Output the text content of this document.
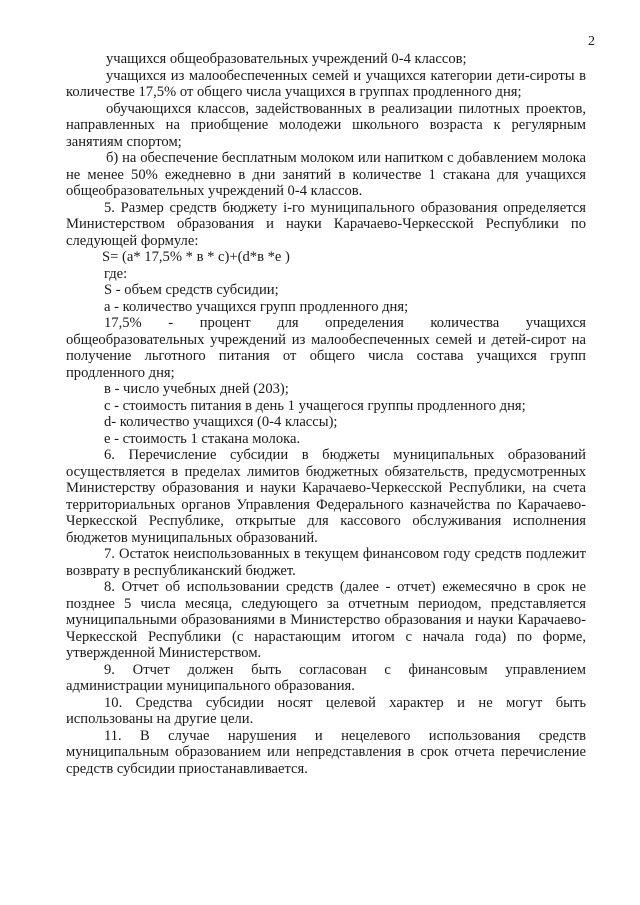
2

учащихся общеобразовательных учреждений 0-4 классов;

учащихся из малообеспеченных семей и учащихся категории дети-сироты в количестве 17,5% от общего числа учащихся в группах продленного дня;

обучающихся классов, задействованных в реализации пилотных проектов, направленных на приобщение молодежи школьного возраста к регулярным занятиям спортом;

б) на обеспечение бесплатным молоком или напитком с добавлением молока не менее 50% ежедневно в дни занятий в количестве 1 стакана для учащихся общеобразовательных учреждений 0-4 классов.

5. Размер средств бюджету i-го муниципального образования определяется Министерством образования и науки Карачаево-Черкесской Республики по следующей формуле:

S= (а* 17,5% * в * с)+(d*в *е )

где:

S - объем средств субсидии;

а - количество учащихся групп продленного дня;

17,5% - процент для определения количества учащихся общеобразовательных учреждений из малообеспеченных семей и детей-сирот на получение льготного питания от общего числа состава учащихся групп продленного дня;

в - число учебных дней (203);

с - стоимость питания в день 1 учащегося группы продленного дня;

d- количество учащихся (0-4 классы);

е - стоимость 1 стакана молока.

6. Перечисление субсидии в бюджеты муниципальных образований осуществляется в пределах лимитов бюджетных обязательств, предусмотренных Министерству образования и науки Карачаево-Черкесской Республики, на счета территориальных органов Управления Федерального казначейства по Карачаево-Черкесской Республике, открытые для кассового обслуживания исполнения бюджетов муниципальных образований.

7. Остаток неиспользованных в текущем финансовом году средств подлежит возврату в республиканский бюджет.

8. Отчет об использовании средств (далее - отчет) ежемесячно в срок не позднее 5 числа месяца, следующего за отчетным периодом, представляется муниципальными образованиями в Министерство образования и науки Карачаево-Черкесской Республики (с нарастающим итогом с начала года) по форме, утвержденной Министерством.

9. Отчет должен быть согласован с финансовым управлением администрации муниципального образования.

10. Средства субсидии носят целевой характер и не могут быть использованы на другие цели.

11. В случае нарушения и нецелевого использования средств муниципальным образованием или непредставления в срок отчета перечисление средств субсидии приостанавливается.
